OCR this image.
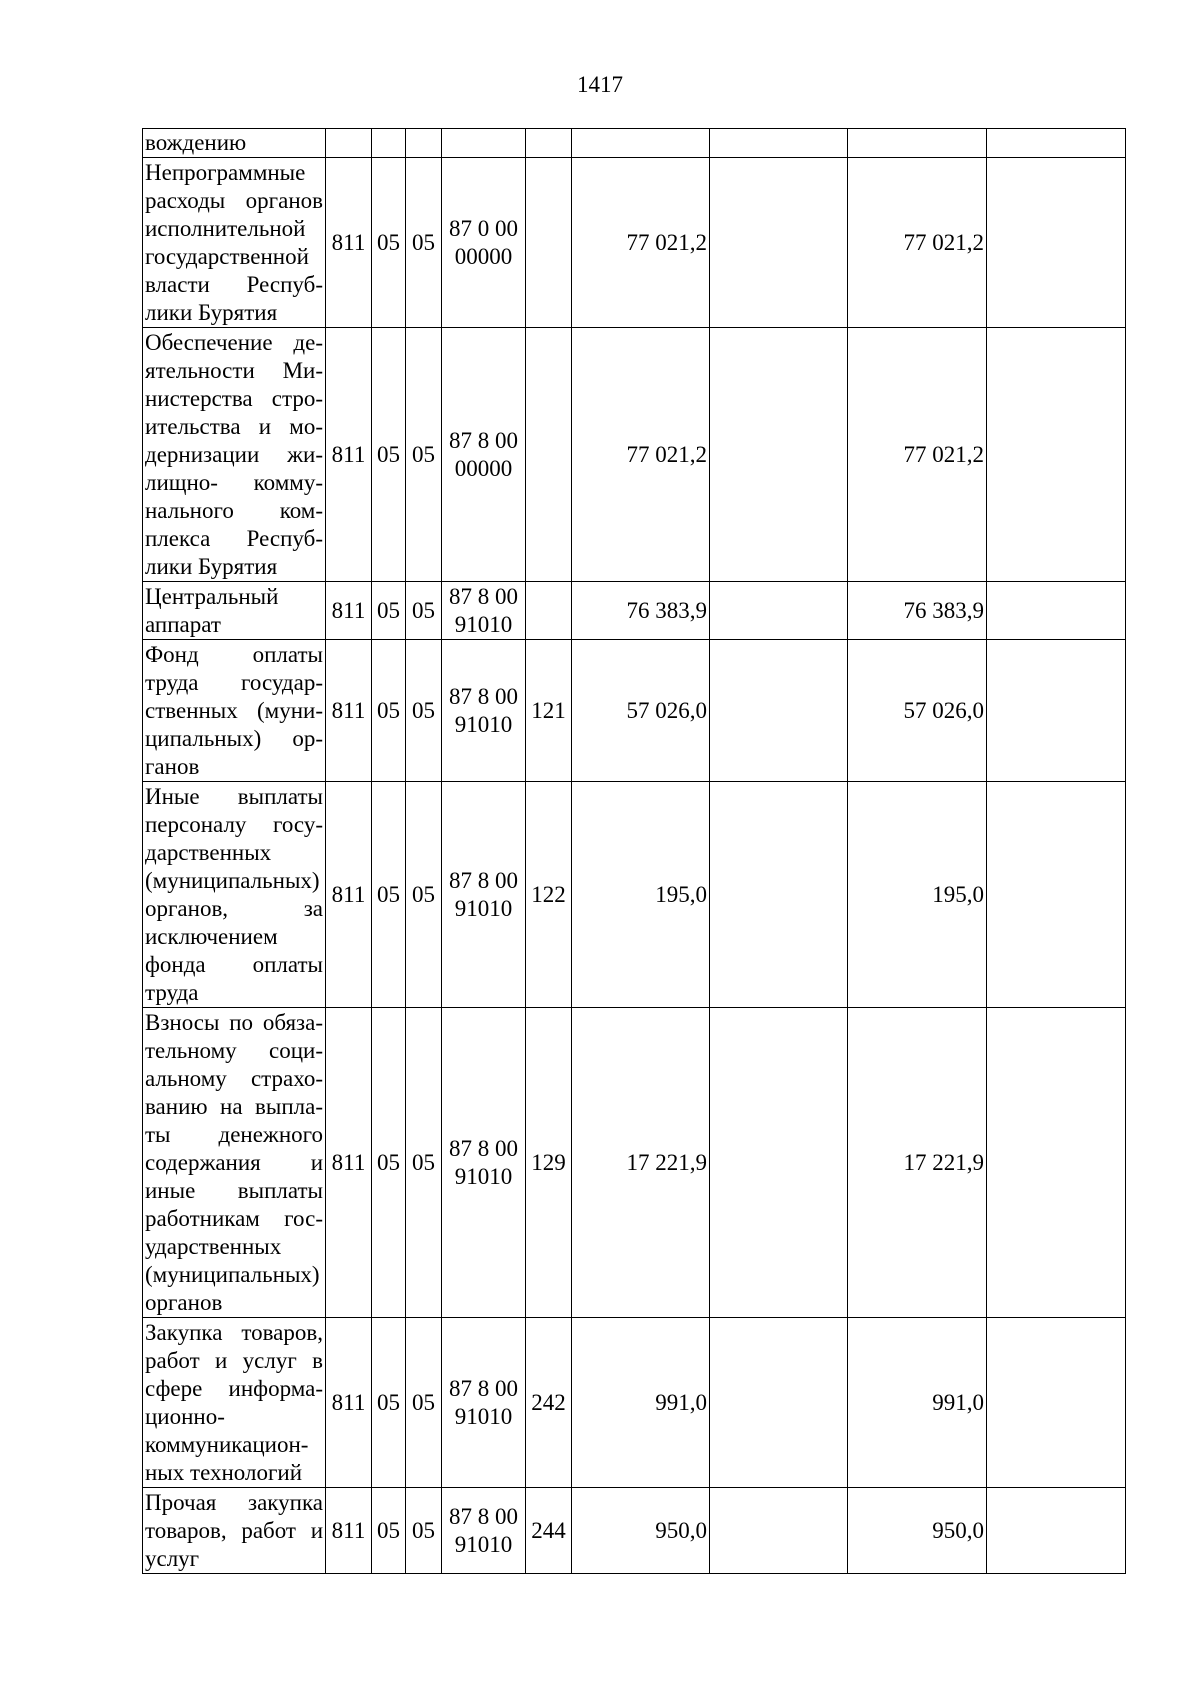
1417
вождению									
Непрограммные расходы органов исполнительной государственной власти Республики Бурятия	811	05	05	87 0 00 00000		77 021,2		77 021,2	
Обеспечение деятельности Министерства строительства и модернизации жилищно- коммунального комплекса Республики Бурятия	811	05	05	87 8 00 00000		77 021,2		77 021,2	
Центральный аппарат	811	05	05	87 8 00 91010		76 383,9		76 383,9	
Фонд оплаты труда государственных (муниципальных) органов	811	05	05	87 8 00 91010	121	57 026,0		57 026,0	
Иные выплаты персоналу государственных (муниципальных) органов, за исключением фонда оплаты труда	811	05	05	87 8 00 91010	122	195,0		195,0	
Взносы по обязательному социальному страхованию на выплаты денежного содержания и иные выплаты работникам государственных (муниципальных) органов	811	05	05	87 8 00 91010	129	17 221,9		17 221,9	
Закупка товаров, работ и услуг в сфере информационно-коммуникационных технологий	811	05	05	87 8 00 91010	242	991,0		991,0	
Прочая закупка товаров, работ и услуг	811	05	05	87 8 00 91010	244	950,0		950,0	
